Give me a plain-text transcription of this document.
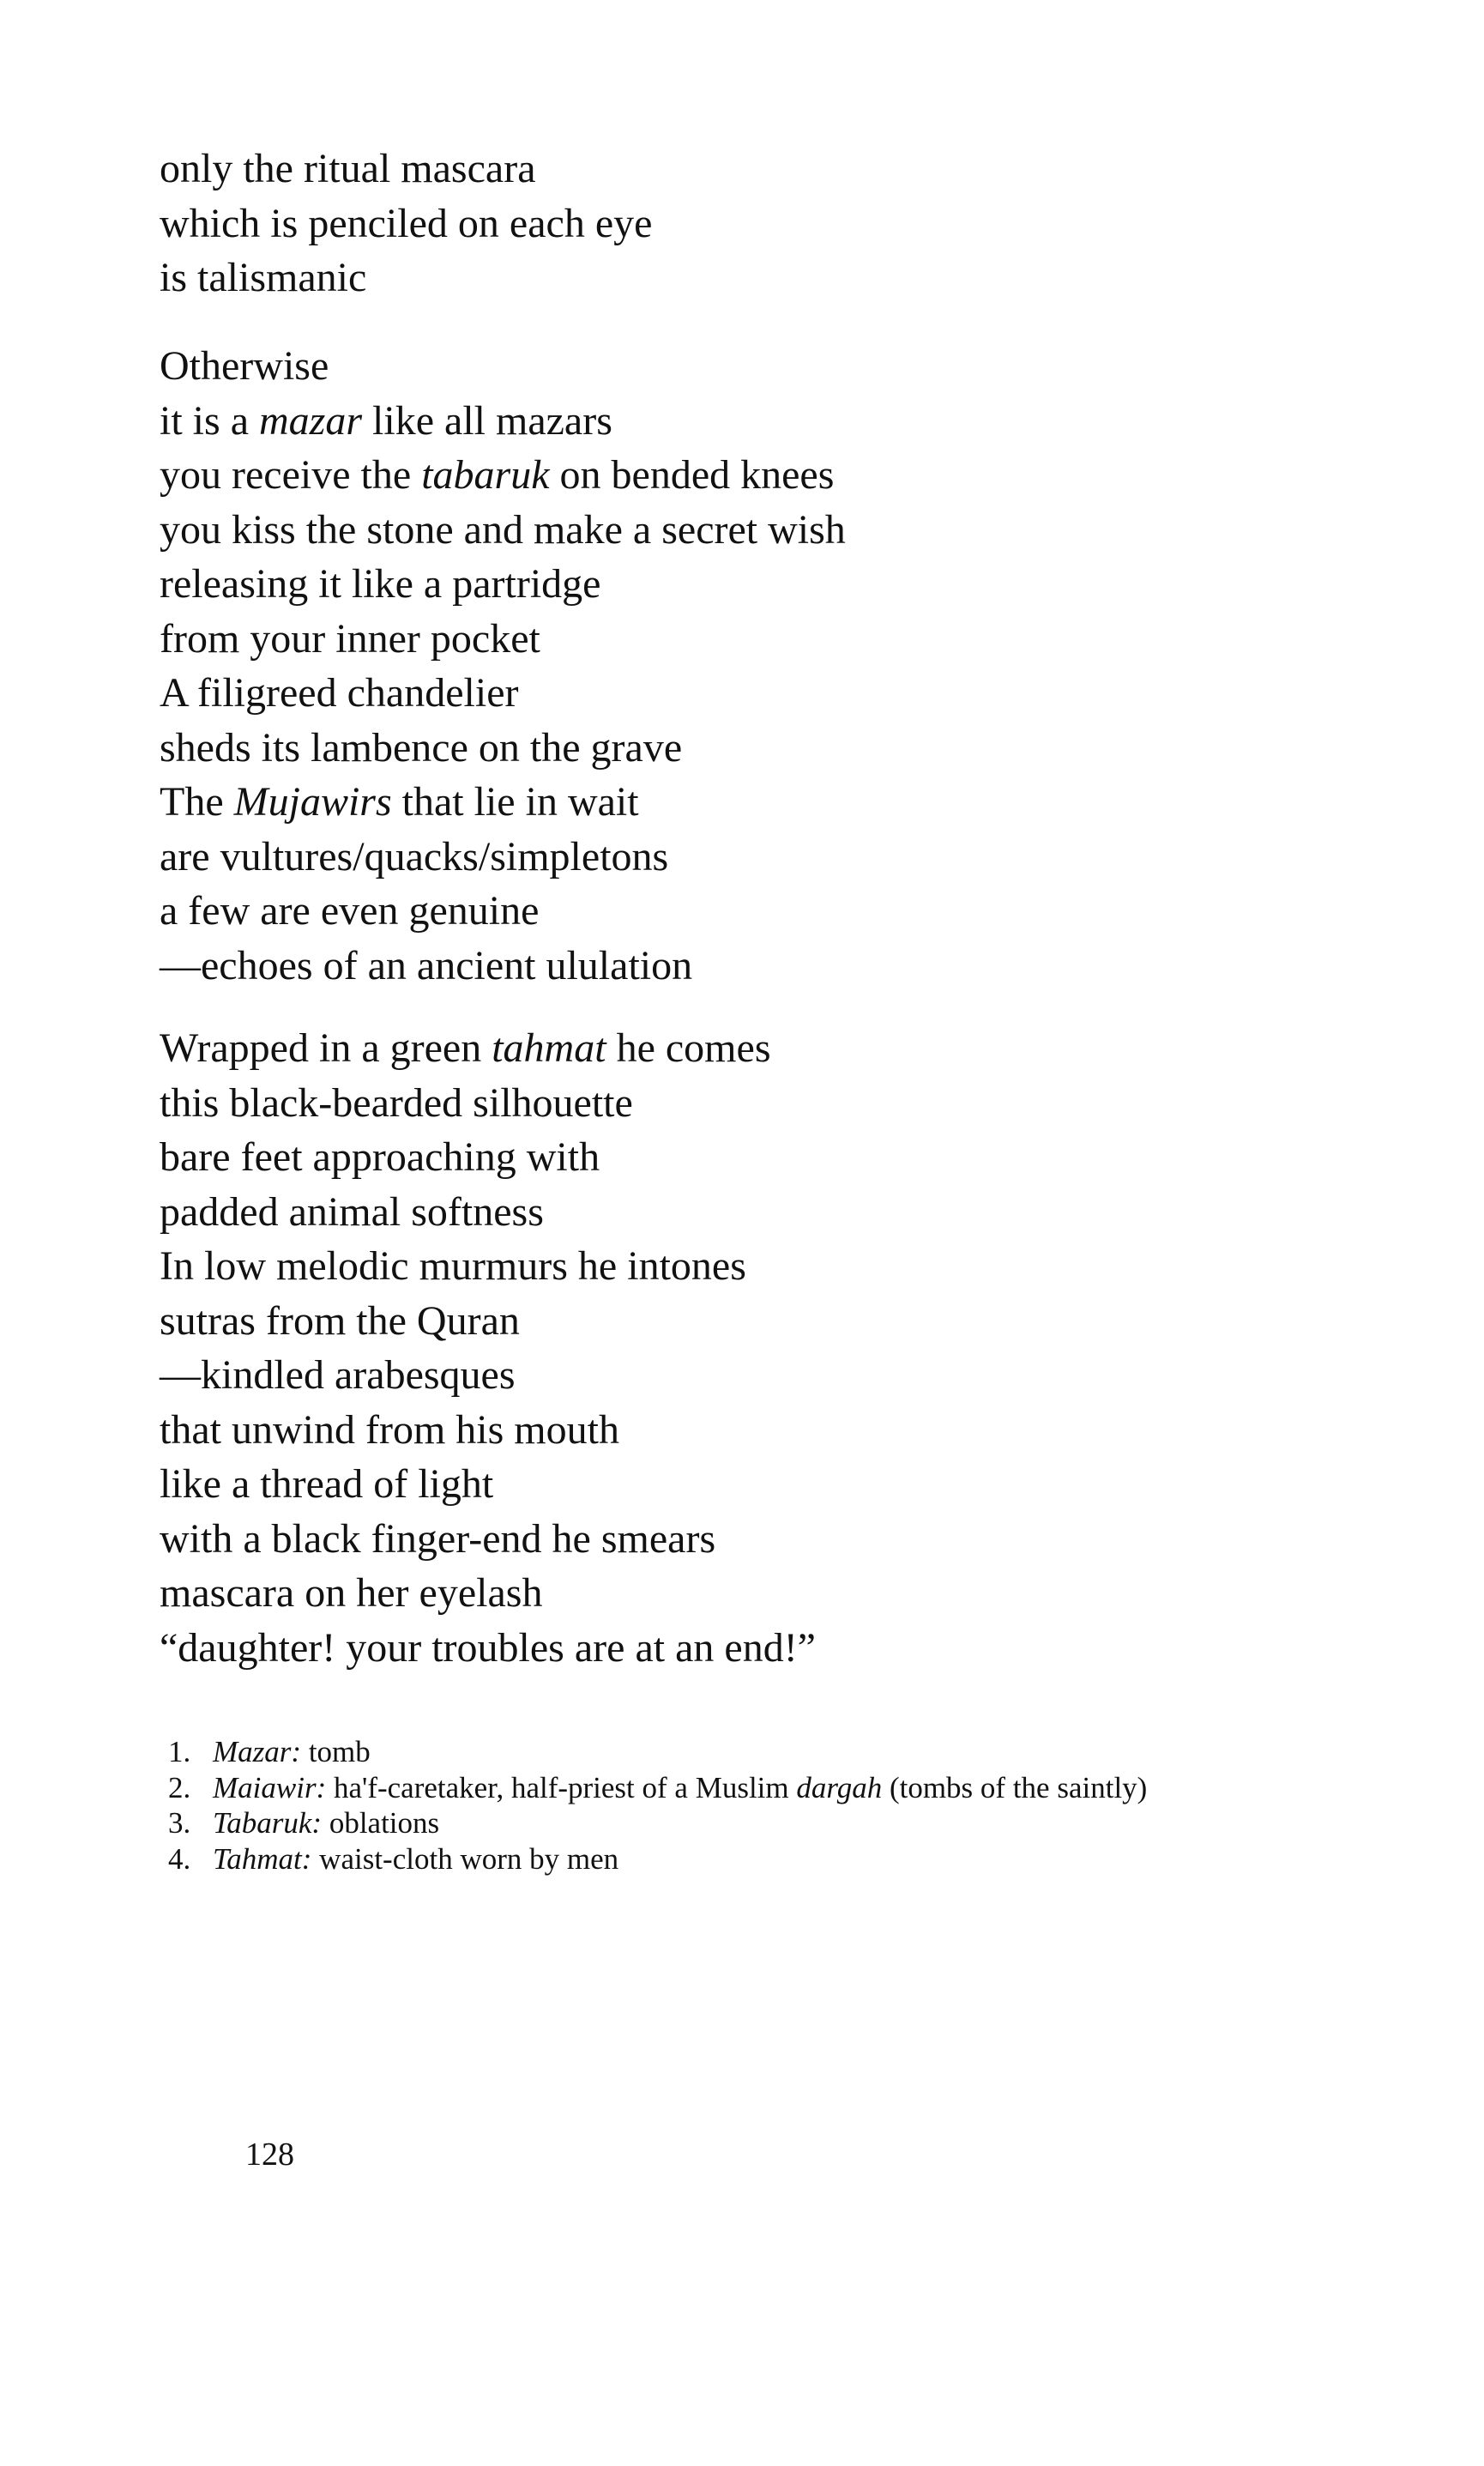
only the ritual mascara
which is penciled on each eye
is talismanic
Otherwise
it is a mazar like all mazars
you receive the tabaruk on bended knees
you kiss the stone and make a secret wish
releasing it like a partridge
from your inner pocket
A filigreed chandelier
sheds its lambence on the grave
The Mujawirs that lie in wait
are vultures/quacks/simpletons
a few are even genuine
—echoes of an ancient ululation
Wrapped in a green tahmat he comes
this black-bearded silhouette
bare feet approaching with
padded animal softness
In low melodic murmurs he intones
sutras from the Quran
—kindled arabesques
that unwind from his mouth
like a thread of light
with a black finger-end he smears
mascara on her eyelash
“daughter! your troubles are at an end!”
1. Mazar: tomb
2. Maiawir: ha'f-caretaker, half-priest of a Muslim dargah (tombs of the saintly)
3. Tabaruk: oblations
4. Tahmat: waist-cloth worn by men
128
